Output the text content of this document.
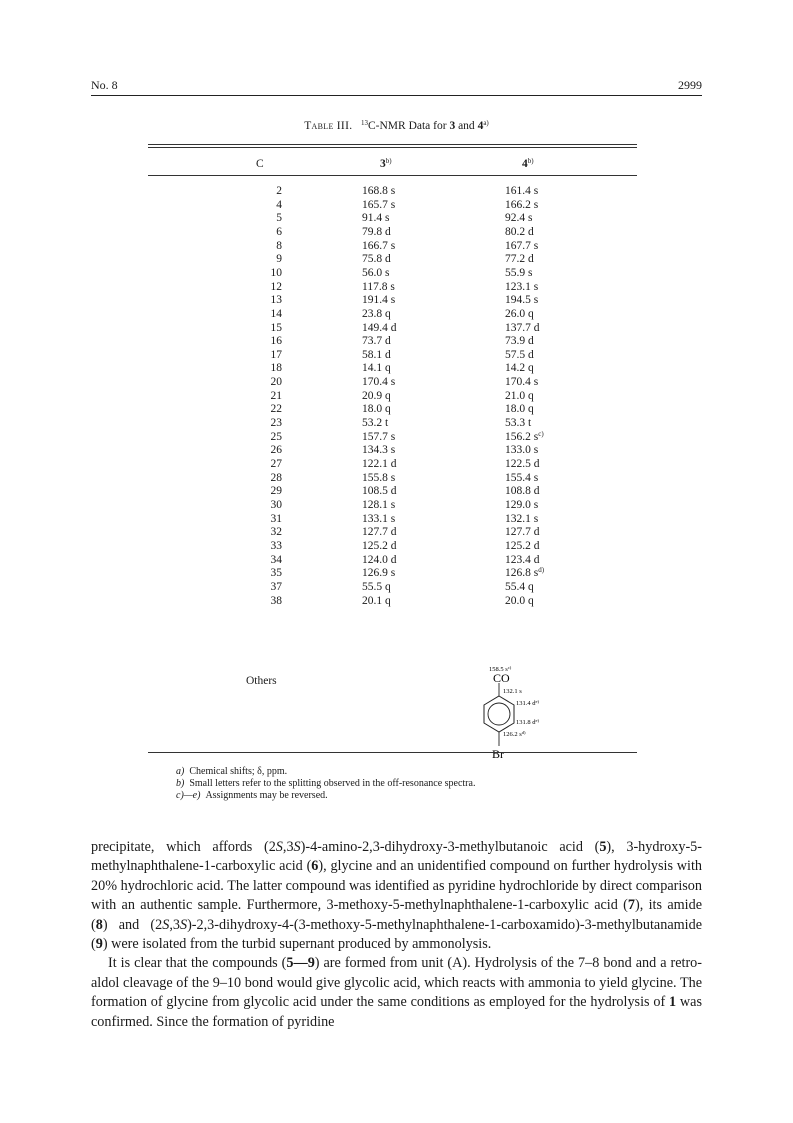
No. 8	2999
Table III. $^{13}$C-NMR Data for 3 and 4$^{a)}$
C	3$^{b)}$	4$^{b)}$
2	168.8 s	161.4 s
4	165.7 s	166.2 s
5	91.4 s	92.4 s
6	79.8 d	80.2 d
8	166.7 s	167.7 s
9	75.8 d	77.2 d
10	56.0 s	55.9 s
12	117.8 s	123.1 s
13	191.4 s	194.5 s
14	23.8 q	26.0 q
15	149.4 d	137.7 d
16	73.7 d	73.9 d
17	58.1 d	57.5 d
18	14.1 q	14.2 q
20	170.4 s	170.4 s
21	20.9 q	21.0 q
22	18.0 q	18.0 q
23	53.2 t	53.3 t
25	157.7 s	156.2 $s^{c)}$
26	134.3 s	133.0 s
27	122.1 d	122.5 d
28	155.8 s	155.4 s
29	108.5 d	108.8 d
30	128.1 s	129.0 s
31	133.1 s	132.1 s
32	127.7 d	127.7 d
33	125.2 d	125.2 d
34	124.0 d	123.4 d
35	126.9 s	126.8 $s^{d)}$
37	55.5 q	55.4 q
38	20.1 q	20.0 q
Others
158.5 $s^{c)}$
CO
132.1 s
131.4 $d^{e)}$
131.8 $d^{e)}$
126.2 $s^{d)}$
Br
a) Chemical shifts; δ, ppm.
b) Small letters refer to the splitting observed in the off-resonance spectra.
c)—e) Assignments may be reversed.

precipitate, which affords (2S,3S)-4-amino-2,3-dihydroxy-3-methylbutanoic acid (5), 3-hydroxy-5-methylnaphthalene-1-carboxylic acid (6), glycine and an unidentified compound on further hydrolysis with 20% hydrochloric acid. The latter compound was identified as pyridine hydrochloride by direct comparison with an authentic sample. Furthermore, 3-methoxy-5-methylnaphthalene-1-carboxylic acid (7), its amide (8) and (2S,3S)-2,3-dihydroxy-4-(3-methoxy-5-methylnaphthalene-1-carboxamido)-3-methylbutanamide (9) were isolated from the turbid supernant produced by ammonolysis.

It is clear that the compounds (5—9) are formed from unit (A). Hydrolysis of the 7–8 bond and a retro-aldol cleavage of the 9–10 bond would give glycolic acid, which reacts with ammonia to yield glycine. The formation of glycine from glycolic acid under the same conditions as employed for the hydrolysis of 1 was confirmed. Since the formation of pyridine
